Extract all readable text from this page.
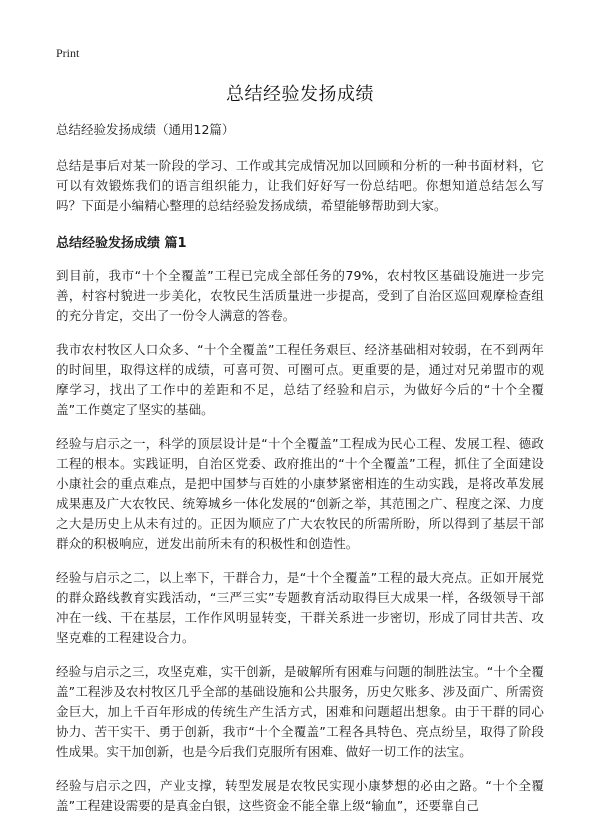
Print
总结经验发扬成绩
总结经验发扬成绩（通用12篇）

总结是事后对某一阶段的学习、工作或其完成情况加以回顾和分析的一种书面材料，它可以有效锻炼我们的语言组织能力，让我们好好写一份总结吧。你想知道总结怎么写吗？下面是小编精心整理的总结经验发扬成绩，希望能够帮助到大家。

总结经验发扬成绩 篇1

到目前，我市“十个全覆盖”工程已完成全部任务的79%，农村牧区基础设施进一步完善，村容村貌进一步美化，农牧民生活质量进一步提高，受到了自治区巡回观摩检查组的充分肯定，交出了一份令人满意的答卷。

我市农村牧区人口众多、“十个全覆盖”工程任务艰巨、经济基础相对较弱，在不到两年的时间里，取得这样的成绩，可喜可贺、可圈可点。更重要的是，通过对兄弟盟市的观摩学习，找出了工作中的差距和不足，总结了经验和启示，为做好今后的“十个全覆盖”工作奠定了坚实的基础。

经验与启示之一，科学的顶层设计是“十个全覆盖”工程成为民心工程、发展工程、德政工程的根本。实践证明，自治区党委、政府推出的“十个全覆盖”工程，抓住了全面建设小康社会的重点难点，是把中国梦与百姓的小康梦紧密相连的生动实践，是将改革发展成果惠及广大农牧民、统筹城乡一体化发展的“创新之举，其范围之广、程度之深、力度之大是历史上从未有过的。正因为顺应了广大农牧民的所需所盼，所以得到了基层干部群众的积极响应，迸发出前所未有的积极性和创造性。

经验与启示之二，以上率下，干群合力，是“十个全覆盖”工程的最大亮点。正如开展党的群众路线教育实践活动，“三严三实”专题教育活动取得巨大成果一样，各级领导干部冲在一线、干在基层，工作作风明显转变，干群关系进一步密切，形成了同甘共苦、攻坚克难的工程建设合力。

经验与启示之三，攻坚克难，实干创新，是破解所有困难与问题的制胜法宝。“十个全覆盖”工程涉及农村牧区几乎全部的基础设施和公共服务，历史欠账多、涉及面广、所需资金巨大，加上千百年形成的传统生产生活方式，困难和问题超出想象。由于干群的同心协力、苦干实干、勇于创新，我市“十个全覆盖”工程各具特色、亮点纷呈，取得了阶段性成果。实干加创新，也是今后我们克服所有困难、做好一切工作的法宝。

经验与启示之四，产业支撑，转型发展是农牧民实现小康梦想的必由之路。“十个全覆盖”工程建设需要的是真金白银，这些资金不能全靠上级“输血”，还要靠自己
